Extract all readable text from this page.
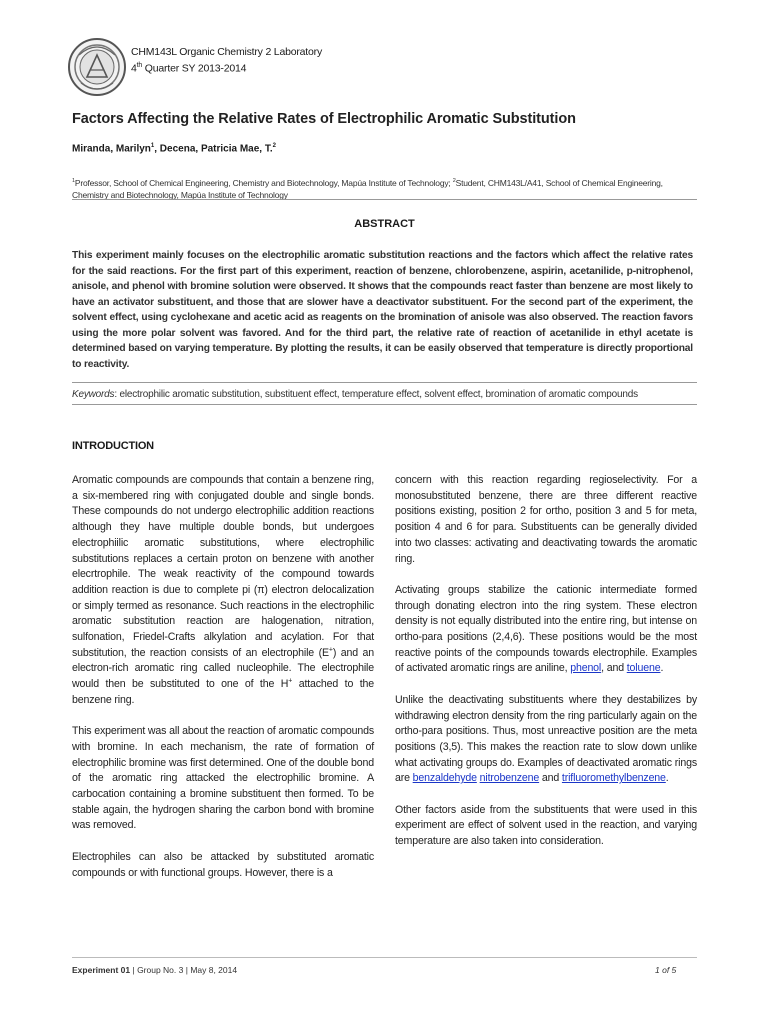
CHM143L Organic Chemistry 2 Laboratory
4th Quarter SY 2013-2014
Factors Affecting the Relative Rates of Electrophilic Aromatic Substitution
Miranda, Marilyn$^1$, Decena, Patricia Mae, T.$^2$
$^1$Professor, School of Chemical Engineering, Chemistry and Biotechnology, Mapúa Institute of Technology; $^2$Student, CHM143L/A41, School of Chemical Engineering, Chemistry and Biotechnology, Mapúa Institute of Technology
ABSTRACT
This experiment mainly focuses on the electrophilic aromatic substitution reactions and the factors which affect the relative rates for the said reactions. For the first part of this experiment, reaction of benzene, chlorobenzene, aspirin, acetanilide, p-nitrophenol, anisole, and phenol with bromine solution were observed. It shows that the compounds react faster than benzene are most likely to have an activator substituent, and those that are slower have a deactivator substituent. For the second part of the experiment, the solvent effect, using cyclohexane and acetic acid as reagents on the bromination of anisole was also observed. The reaction favors using the more polar solvent was favored. And for the third part, the relative rate of reaction of acetanilide in ethyl acetate is determined based on varying temperature. By plotting the results, it can be easily observed that temperature is directly proportional to reactivity.
Keywords: electrophilic aromatic substitution, substituent effect, temperature effect, solvent effect, bromination of aromatic compounds
INTRODUCTION

Aromatic compounds are compounds that contain a benzene ring, a six-membered ring with conjugated double and single bonds. These compounds do not undergo electrophilic addition reactions although they have multiple double bonds, but undergoes electrophiilic aromatic substitutions, where electrophilic substitutions replaces a certain proton on benzene with another elecrtrophile. The weak reactivity of the compound towards addition reaction is due to complete pi (π) electron delocalization or simply termed as resonance. Such reactions in the electrophilic aromatic substitution reaction are halogenation, nitration, sulfonation, Friedel-Crafts alkylation and acylation. For that substitution, the reaction consists of an electrophile (E+) and an electron-rich aromatic ring called nucleophile. The electrophile would then be substituted to one of the H+ attached to the benzene ring.

This experiment was all about the reaction of aromatic compounds with bromine. In each mechanism, the rate of formation of electrophilic bromine was first determined. One of the double bond of the aromatic ring attacked the electrophilic bromine. A carbocation containing a bromine substituent then formed. To be stable again, the hydrogen sharing the carbon bond with bromine was removed.

Electrophiles can also be attacked by substituted aromatic compounds or with functional groups. However, there is a

concern with this reaction regarding regioselectivity. For a monosubstituted benzene, there are three different reactive positions existing, position 2 for ortho, position 3 and 5 for meta, position 4 and 6 for para. Substituents can be generally divided into two classes: activating and deactivating towards the aromatic ring.

Activating groups stabilize the cationic intermediate formed through donating electron into the ring system. These electron density is not equally distributed into the entire ring, but intense on ortho-para positions (2,4,6). These positions would be the most reactive points of the compounds towards electrophile. Examples of activated aromatic rings are aniline, phenol, and toluene.

Unlike the deactivating substituents where they destabilizes by withdrawing electron density from the ring particularly again on the ortho-para positions. Thus, most unreactive position are the meta positions (3,5). This makes the reaction rate to slow down unlike what activating groups do. Examples of deactivated aromatic rings are benzaldehyde nitrobenzene and trifluoromethylbenzene.

Other factors aside from the substituents that were used in this experiment are effect of solvent used in the reaction, and varying temperature are also taken into consideration.

Experiment 01 | Group No. 3 | May 8, 2014	1 of 5
